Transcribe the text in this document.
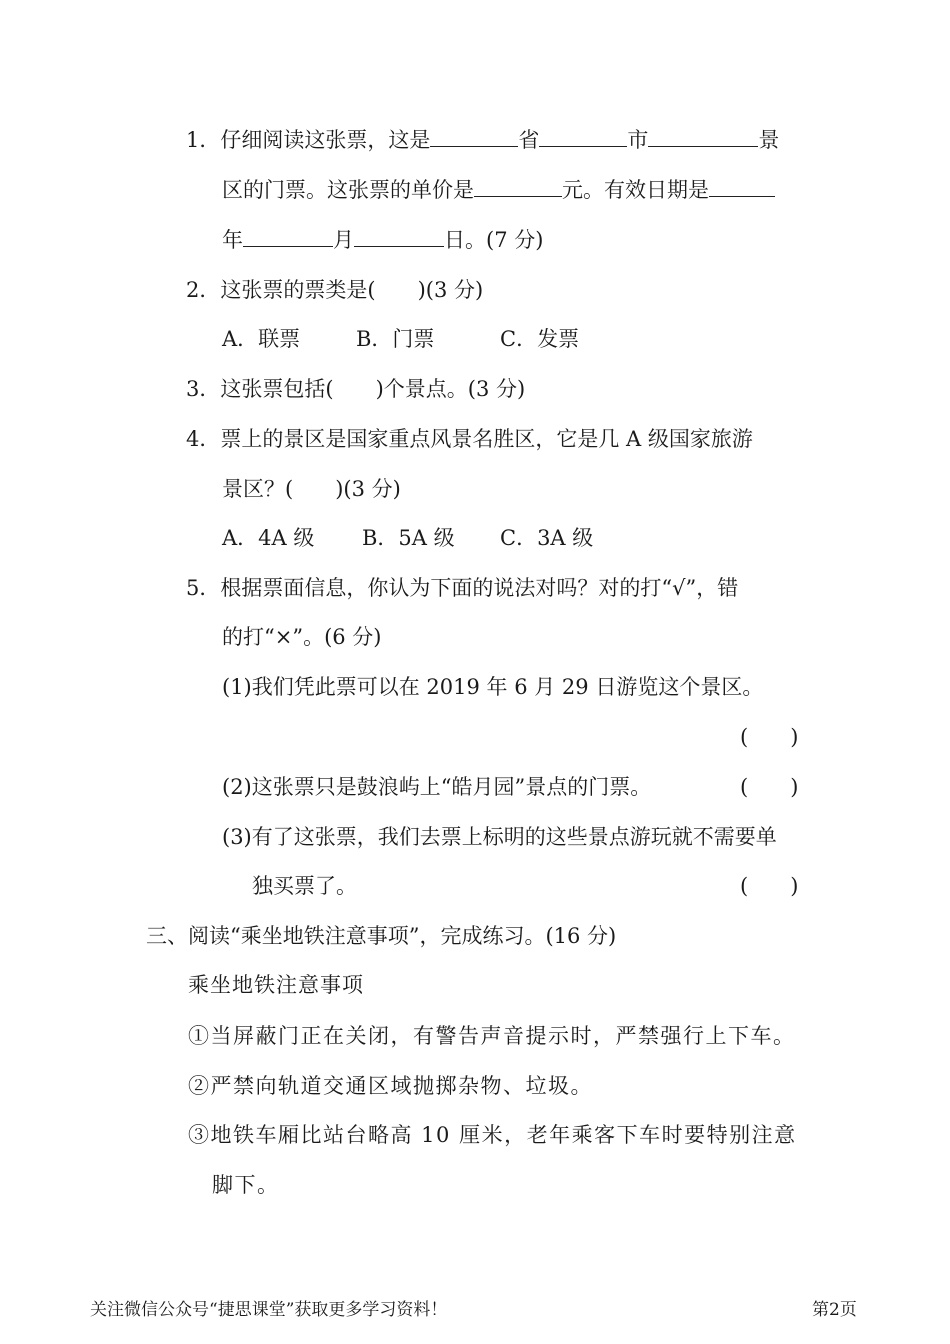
1．仔细阅读这张票，这是	省	市	景
区的门票。这张票的单价是	元。有效日期是
年	月	日。(7 分)
2．这张票的票类是( )(3 分)
A．联票	B．门票	C．发票
3．这张票包括( )个景点。(3 分)
4．票上的景区是国家重点风景名胜区，它是几 A 级国家旅游
景区？( )(3 分)
A．4A 级 B．5A 级 C．3A 级
5．根据票面信息，你认为下面的说法对吗？对的打“√”，错
的打“×”。(6 分)
(1)我们凭此票可以在 2019 年 6 月 29 日游览这个景区。
(　　)
(2)这张票只是鼓浪屿上“皓月园”景点的门票。	(　　)
(3)有了这张票，我们去票上标明的这些景点游玩就不需要单
独买票了。	(　　)
三、阅读“乘坐地铁注意事项”，完成练习。(16 分)
乘坐地铁注意事项
①当屏蔽门正在关闭，有警告声音提示时，严禁强行上下车。
②严禁向轨道交通区域抛掷杂物、垃圾。
③地铁车厢比站台略高 10 厘米，老年乘客下车时要特别注意
脚下。
关注微信公众号“捷思课堂”获取更多学习资料！	第2页
